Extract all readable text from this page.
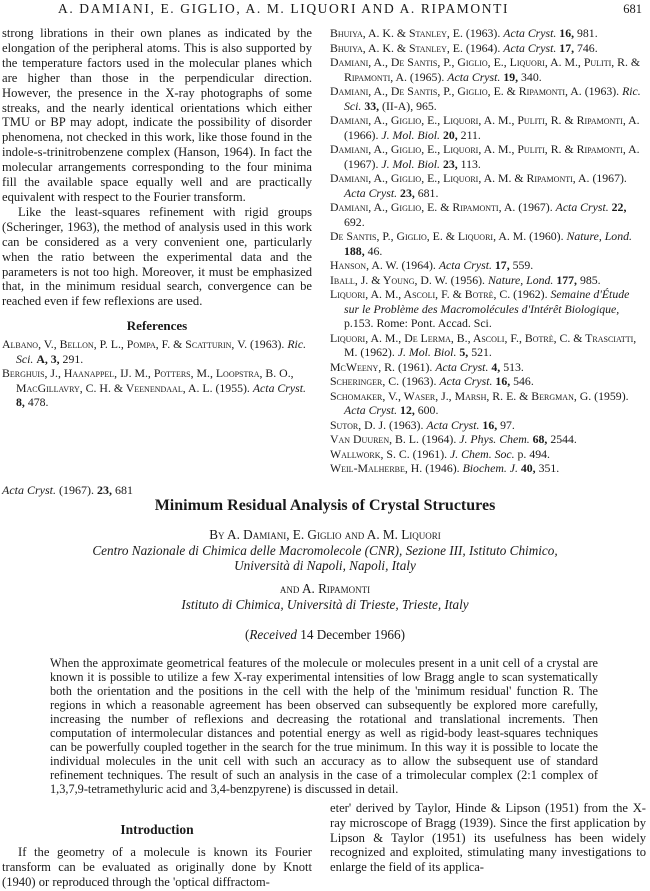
A. DAMIANI, E. GIGLIO, A. M. LIQUORI AND A. RIPAMONTI	681

strong librations in their own planes as indicated by the elongation of the peripheral atoms. This is also supported by the temperature factors used in the molecular planes which are higher than those in the perpendicular direction. However, the presence in the X-ray photographs of some streaks, and the nearly identical orientations which either TMU or BP may adopt, indicate the possibility of disorder phenomena, not checked in this work, like those found in the indole-s-trinitrobenzene complex (Hanson, 1964). In fact the molecular arrangements corresponding to the four minima fill the available space equally well and are practically equivalent with respect to the Fourier transform.

Like the least-squares refinement with rigid groups (Scheringer, 1963), the method of analysis used in this work can be considered as a very convenient one, particularly when the ratio between the experimental data and the parameters is not too high. Moreover, it must be emphasized that, in the minimum residual search, convergence can be reached even if few reflexions are used.

References

Albano, V., Bellon, P. L., Pompa, F. & Scatturin, V. (1963). Ric. Sci. A, 3, 291.

Berghuis, J., Haanappel, IJ. M., Potters, M., Loopstra, B. O., MacGillavry, C. H. & Veenendaal, A. L. (1955). Acta Cryst. 8, 478.

Bhuiya, A. K. & Stanley, E. (1963). Acta Cryst. 16, 981.

Bhuiya, A. K. & Stanley, E. (1964). Acta Cryst. 17, 746.

Damiani, A., De Santis, P., Giglio, E., Liquori, A. M., Puliti, R. & Ripamonti, A. (1965). Acta Cryst. 19, 340.

Damiani, A., De Santis, P., Giglio, E. & Ripamonti, A. (1963). Ric. Sci. 33, (II-A), 965.

Damiani, A., Giglio, E., Liquori, A. M., Puliti, R. & Ripamonti, A. (1966). J. Mol. Biol. 20, 211.

Damiani, A., Giglio, E., Liquori, A. M., Puliti, R. & Ripamonti, A. (1967). J. Mol. Biol. 23, 113.

Damiani, A., Giglio, E., Liquori, A. M. & Ripamonti, A. (1967). Acta Cryst. 23, 681.

Damiani, A., Giglio, E. & Ripamonti, A. (1967). Acta Cryst. 22, 692.

De Santis, P., Giglio, E. & Liquori, A. M. (1960). Nature, Lond. 188, 46.

Hanson, A. W. (1964). Acta Cryst. 17, 559.

Iball, J. & Young, D. W. (1956). Nature, Lond. 177, 985.

Liquori, A. M., Ascoli, F. & Botrè, C. (1962). Semaine d'Étude sur le Problème des Macromolécules d'Intérêt Biologique, p.153. Rome: Pont. Accad. Sci.

Liquori, A. M., De Lerma, B., Ascoli, F., Botrè, C. & Trasciatti, M. (1962). J. Mol. Biol. 5, 521.

McWeeny, R. (1961). Acta Cryst. 4, 513.

Scheringer, C. (1963). Acta Cryst. 16, 546.

Schomaker, V., Waser, J., Marsh, R. E. & Bergman, G. (1959). Acta Cryst. 12, 600.

Sutor, D. J. (1963). Acta Cryst. 16, 97.

Van Duuren, B. L. (1964). J. Phys. Chem. 68, 2544.

Wallwork, S. C. (1961). J. Chem. Soc. p. 494.

Weil-Malherbe, H. (1946). Biochem. J. 40, 351.

Acta Cryst. (1967). 23, 681
Minimum Residual Analysis of Crystal Structures
By A. Damiani, E. Giglio and A. M. Liquori
Centro Nazionale di Chimica delle Macromolecole (CNR), Sezione III, Istituto Chimico,
Università di Napoli, Napoli, Italy
and A. Ripamonti
Istituto di Chimica, Università di Trieste, Trieste, Italy
(Received 14 December 1966)

When the approximate geometrical features of the molecule or molecules present in a unit cell of a crystal are known it is possible to utilize a few X-ray experimental intensities of low Bragg angle to scan systematically both the orientation and the positions in the cell with the help of the 'minimum residual' function R. The regions in which a reasonable agreement has been observed can subsequently be explored more carefully, increasing the number of reflexions and decreasing the rotational and translational increments. Then computation of intermolecular distances and potential energy as well as rigid-body least-squares techniques can be powerfully coupled together in the search for the true minimum. In this way it is possible to locate the individual molecules in the unit cell with such an accuracy as to allow the subsequent use of standard refinement techniques. The result of such an analysis in the case of a trimolecular complex (2:1 complex of 1,3,7,9-tetramethyluric acid and 3,4-benzpyrene) is discussed in detail.

Introduction

If the geometry of a molecule is known its Fourier transform can be evaluated as originally done by Knott (1940) or reproduced through the 'optical diffractom-

eter' derived by Taylor, Hinde & Lipson (1951) from the X-ray microscope of Bragg (1939). Since the first application by Lipson & Taylor (1951) its usefulness has been widely recognized and exploited, stimulating many investigations to enlarge the field of its applica-
